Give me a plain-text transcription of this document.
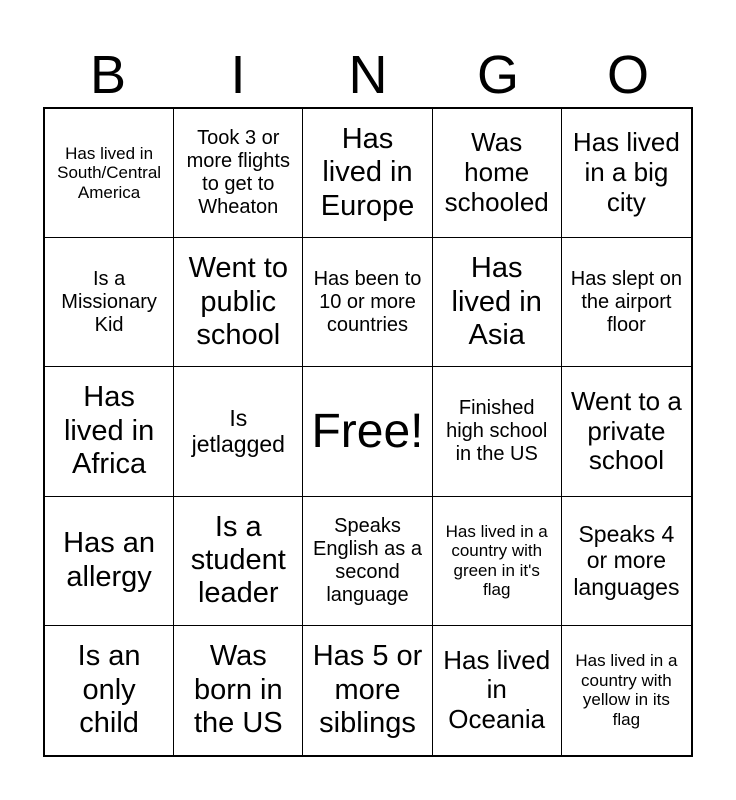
B	I	N	G	O
Has lived in South/Central America
Took 3 or more flights to get to Wheaton
Has lived in Europe
Was home schooled
Has lived in a big city
Is a Missionary Kid
Went to public school
Has been to 10 or more countries
Has lived in Asia
Has slept on the airport floor
Has lived in Africa
Is jetlagged Free!	Finished high school in the US
Went to a private school
Has an allergy
Is a student leader
Speaks English as a second language
Has lived in a country with green in it's flag
Speaks 4 or more languages
Is an only child
Was born in the US
Has 5 or more siblings
Has lived in Oceania
Has lived in a country with yellow in its flag
